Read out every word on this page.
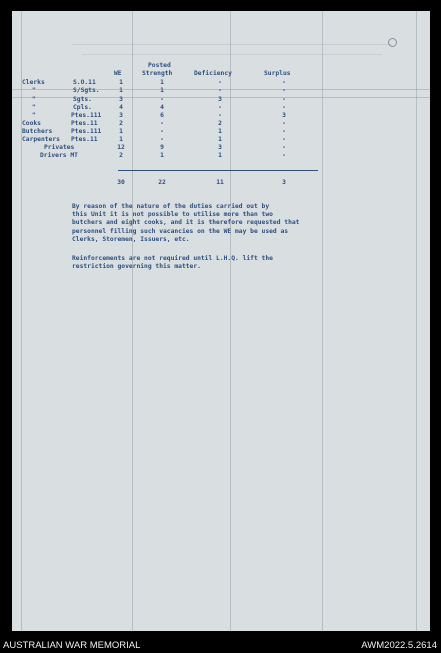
WE
Posted
Strength	Deficiency	Surplus
Clerks	S.O.11	1	1	-	-
"	S/Sgts.	1	1	-	-
"	Sgts.	3	-	3	-
"	Cpls.	4	4	-	-
"	Ptes.111	3	6	-	3
Cooks	Ptes.11	2	-	2	-
Butchers	Ptes.111	1	-	1	-
Carpenters Ptes.11	1	-	1	-
Privates	12	9	3	-
Drivers MT	2	1	1	-
30	22	11	3
By reason of the nature of the duties carried out by
this Unit it is not possible to utilise more than two
butchers and eight cooks, and it is therefore requested that
personnel filling such vacancies on the WE may be used as
Clerks, Storemen, Issuers, etc.
Reinforcements are not required until L.H.Q. lift the
restriction governing this matter.
AUSTRALIAN WAR MEMORIAL	AWM2022.5.2614
